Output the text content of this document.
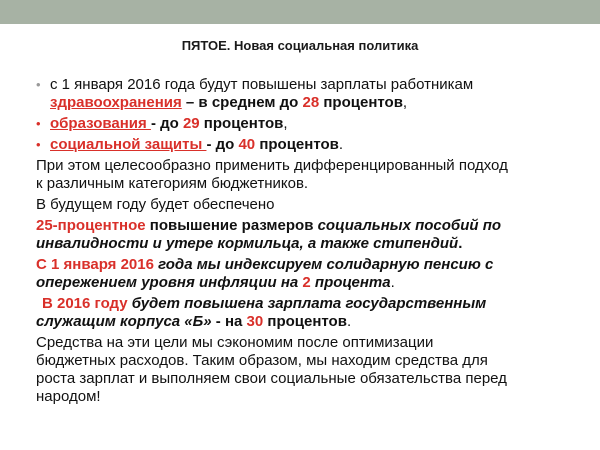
ПЯТОЕ. Новая социальная политика
• с 1 января 2016 года будут повышены зарплаты работникам
здравоохранения – в среднем до 28 процентов,
• образования - до 29 процентов,
• социальной защиты - до 40 процентов.
При этом целесообразно применить дифференцированный подход
к различным категориям бюджетников.
В будущем году будет обеспечено
25-процентное повышение размеров социальных пособий по
инвалидности и утере кормильца, а также стипендий.
С 1 января 2016 года мы индексируем солидарную пенсию с
опережением уровня инфляции на 2 процента.
В 2016 году будет повышена зарплата государственным
служащим корпуса «Б» - на 30 процентов.
Средства на эти цели мы сэкономим после оптимизации
бюджетных расходов. Таким образом, мы находим средства для
роста зарплат и выполняем свои социальные обязательства перед
народом!
